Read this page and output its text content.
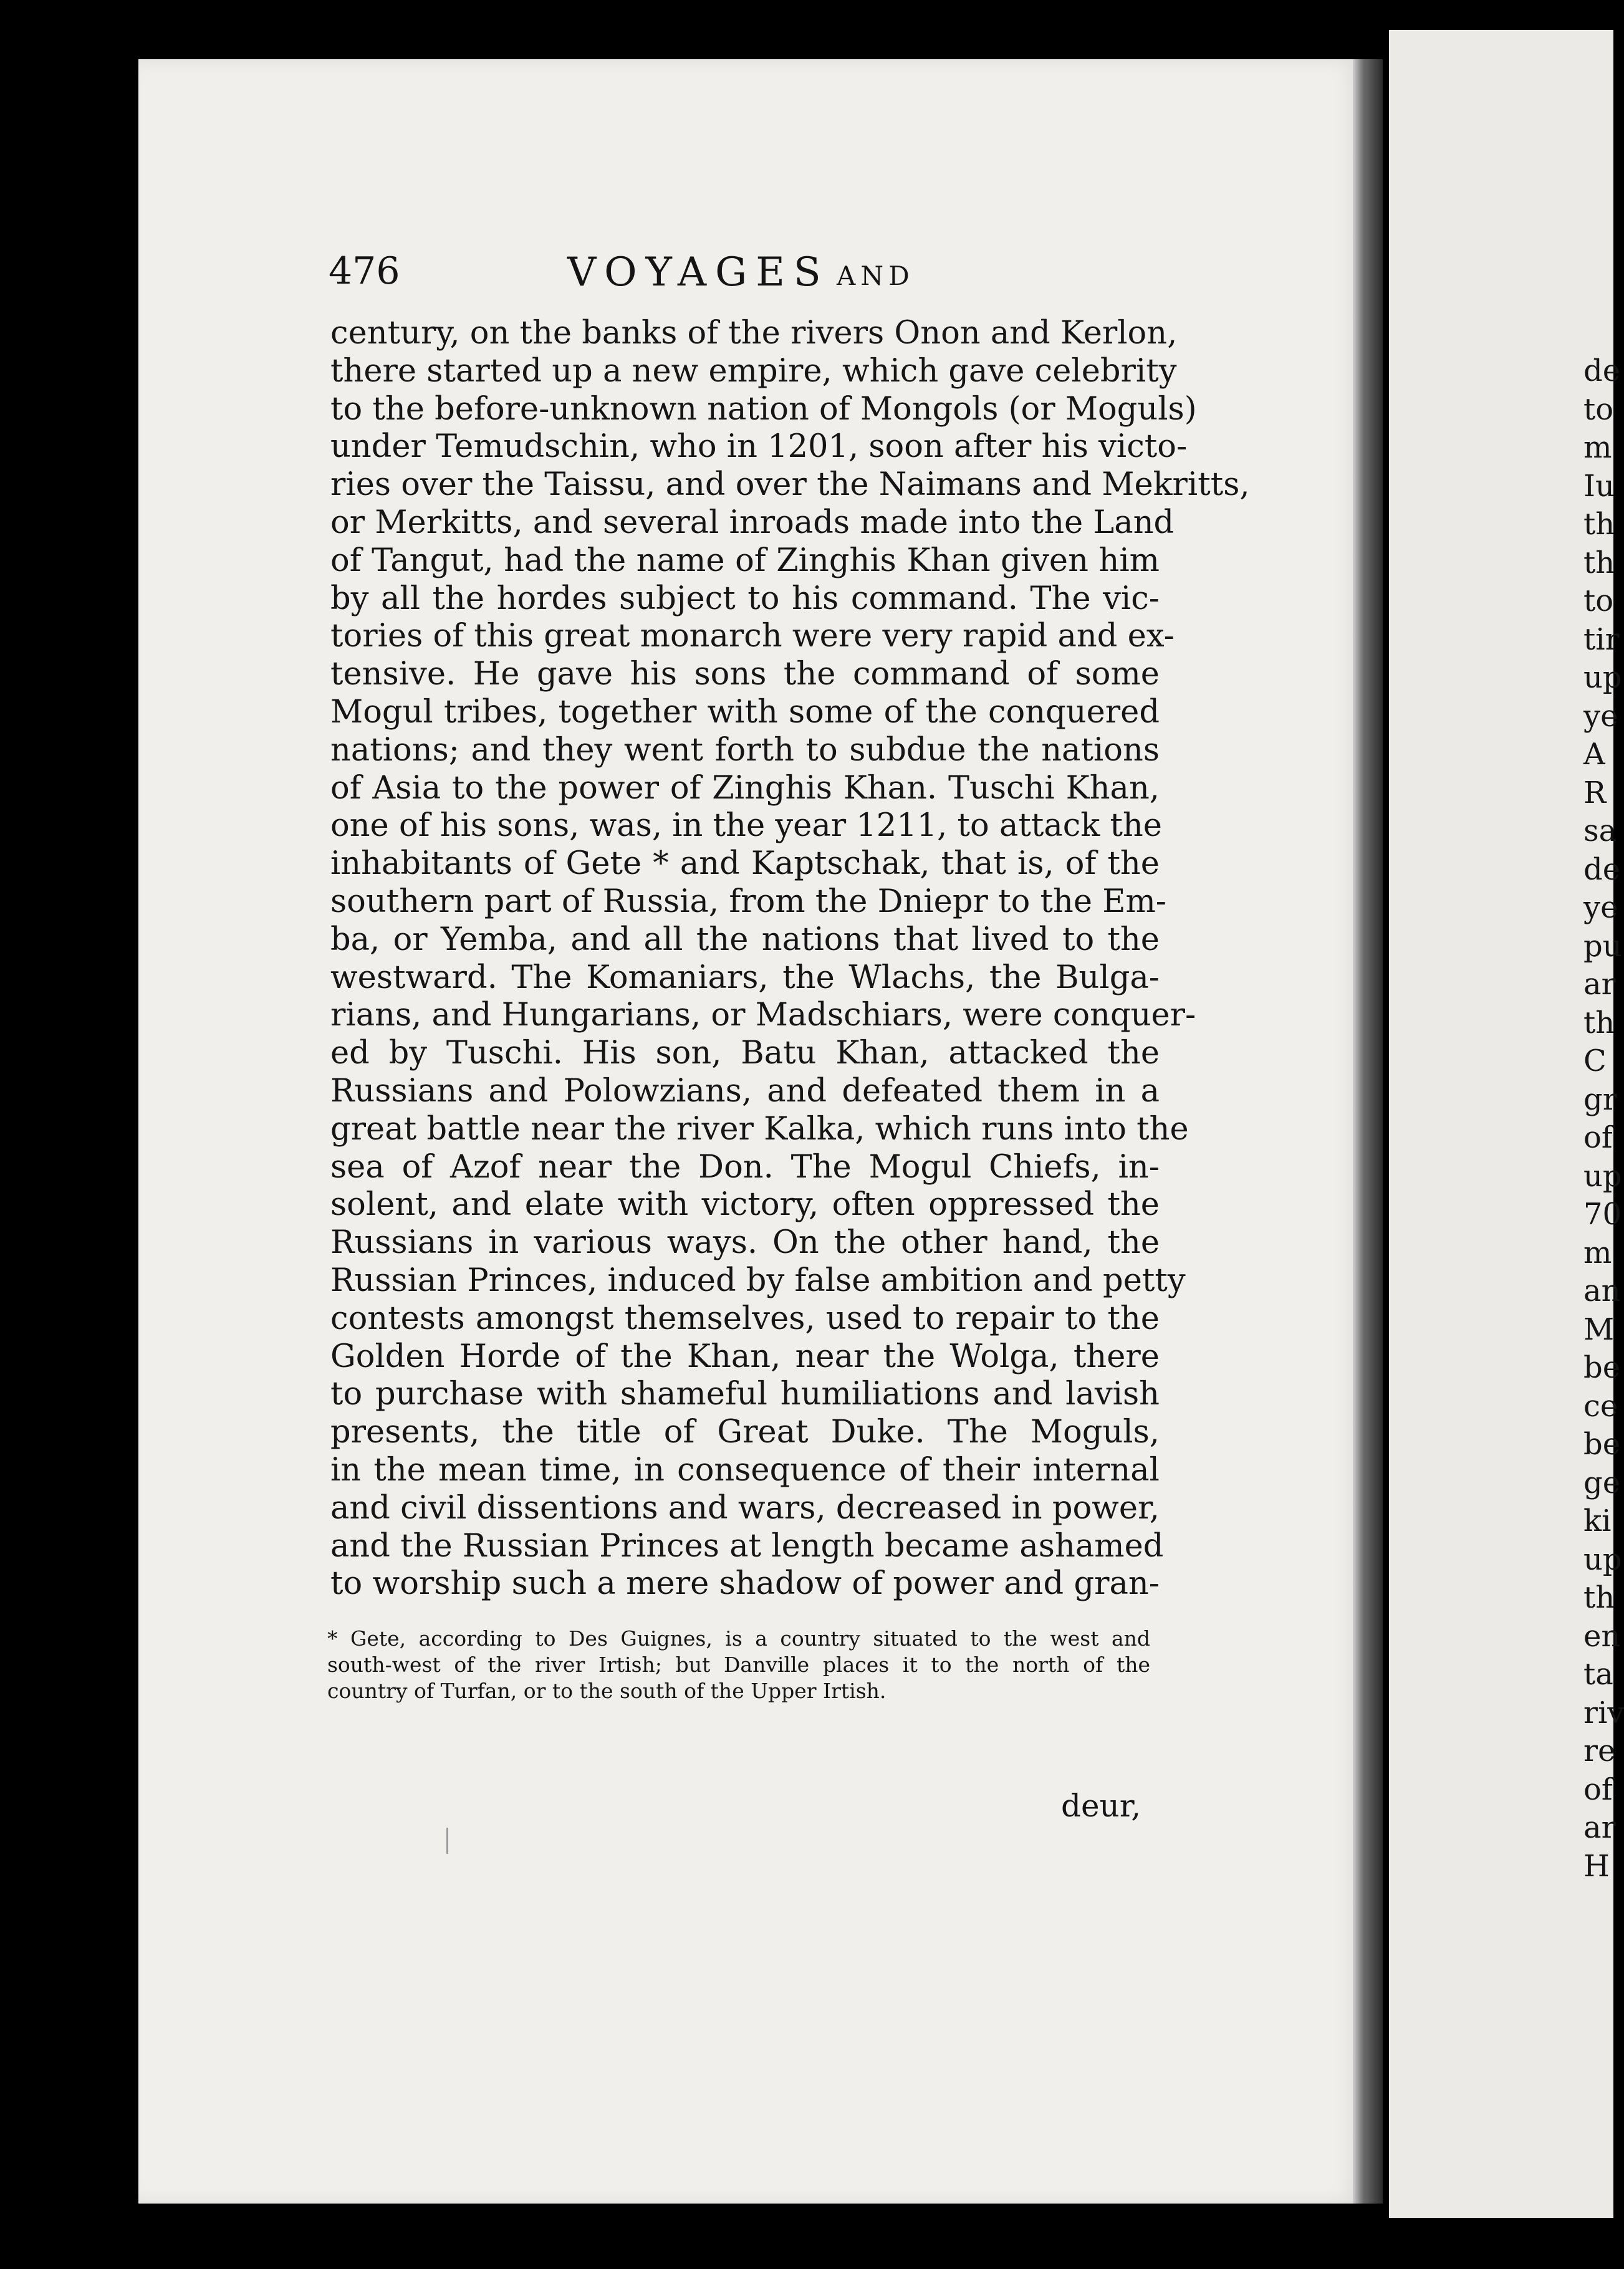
476	VOYAGES AND
century, on the banks of the rivers Onon and Kerlon,
there started up a new empire, which gave celebrity
to the before-unknown nation of Mongols (or Moguls)
under Temudschin, who in 1201, soon after his victo-
ries over the Taissu, and over the Naimans and Mekritts,
or Merkitts, and several inroads made into the Land
of Tangut, had the name of Zinghis Khan given him
by all the hordes subject to his command. The vic-
tories of this great monarch were very rapid and ex-
tensive. He gave his sons the command of some
Mogul tribes, together with some of the conquered
nations; and they went forth to subdue the nations
of Asia to the power of Zinghis Khan. Tuschi Khan,
one of his sons, was, in the year 1211, to attack the
inhabitants of Gete * and Kaptschak, that is, of the
southern part of Russia, from the Dniepr to the Em-
ba, or Yemba, and all the nations that lived to the
westward. The Komaniars, the Wlachs, the Bulga-
rians, and Hungarians, or Madschiars, were conquer-
ed by Tuschi. His son, Batu Khan, attacked the
Russians and Polowzians, and defeated them in a
great battle near the river Kalka, which runs into the
sea of Azof near the Don. The Mogul Chiefs, in-
solent, and elate with victory, often oppressed the
Russians in various ways. On the other hand, the
Russian Princes, induced by false ambition and petty
contests amongst themselves, used to repair to the
Golden Horde of the Khan, near the Wolga, there
to purchase with shameful humiliations and lavish
presents, the title of Great Duke. The Moguls,
in the mean time, in consequence of their internal
and civil dissentions and wars, decreased in power,
and the Russian Princes at length became ashamed
to worship such a mere shadow of power and gran-
* Gete, according to Des Guignes, is a country situated to the west and
south-west of the river Irtish; but Danville places it to the north of the
country of Turfan, or to the south of the Upper Irtish.
deur,
de
to
m
Iu
th
th
to
tir
up
ye
A
R
sa
de
ye
pu
ar
th
C
gr
of
up
70
m
an
M
be
ce
be
ge
ki
up
th
en
ta
riv
re
of
ar
H
